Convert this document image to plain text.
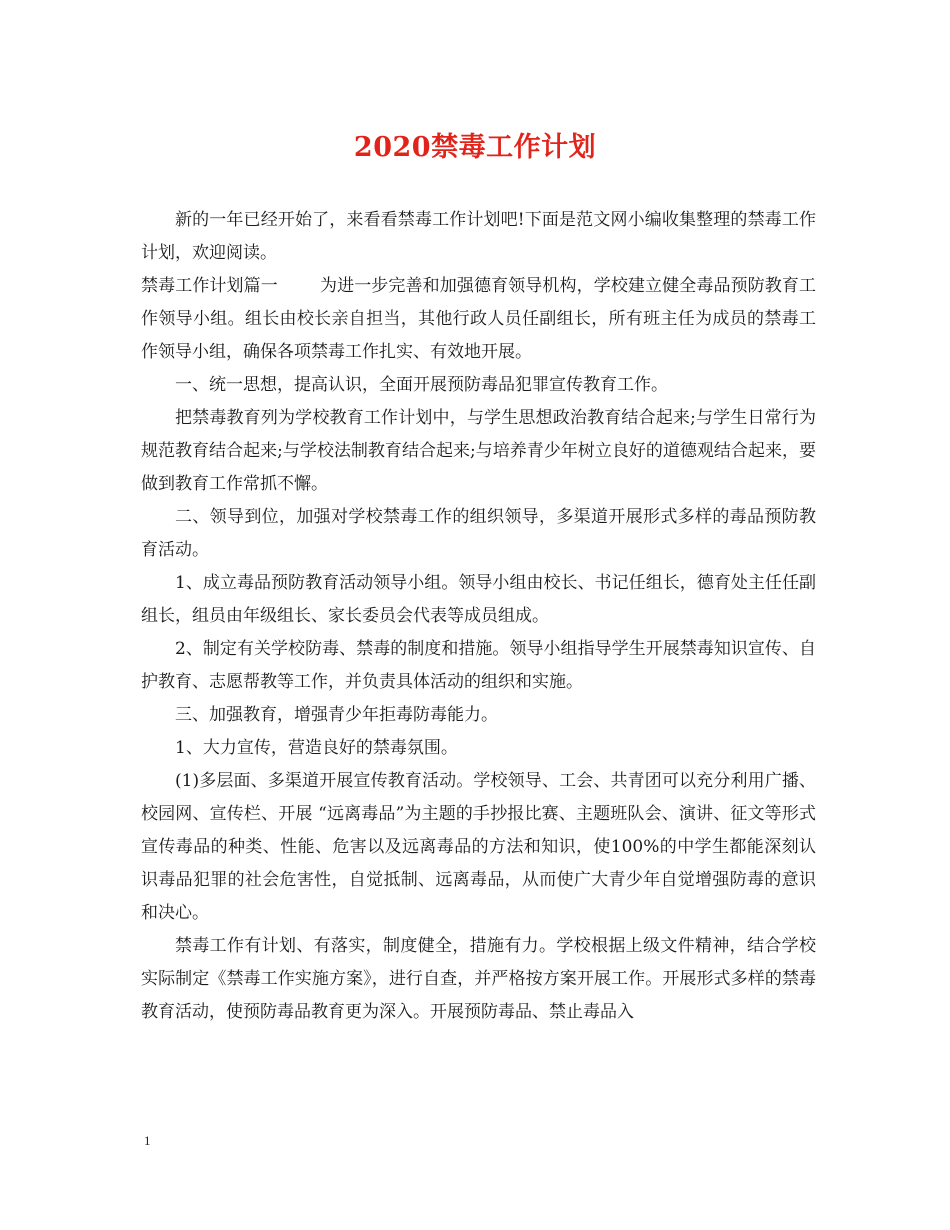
2020禁毒工作计划

新的一年已经开始了，来看看禁毒工作计划吧!下面是范文网小编收集整理的禁毒工作计划，欢迎阅读。

禁毒工作计划篇一 为进一步完善和加强德育领导机构，学校建立健全毒品预防教育工作领导小组。组长由校长亲自担当，其他行政人员任副组长，所有班主任为成员的禁毒工作领导小组，确保各项禁毒工作扎实、有效地开展。

一、统一思想，提高认识，全面开展预防毒品犯罪宣传教育工作。

把禁毒教育列为学校教育工作计划中，与学生思想政治教育结合起来;与学生日常行为规范教育结合起来;与学校法制教育结合起来;与培养青少年树立良好的道德观结合起来，要做到教育工作常抓不懈。

二、领导到位，加强对学校禁毒工作的组织领导，多渠道开展形式多样的毒品预防教育活动。

1、成立毒品预防教育活动领导小组。领导小组由校长、书记任组长，德育处主任任副组长，组员由年级组长、家长委员会代表等成员组成。

2、制定有关学校防毒、禁毒的制度和措施。领导小组指导学生开展禁毒知识宣传、自护教育、志愿帮教等工作，并负责具体活动的组织和实施。

三、加强教育，增强青少年拒毒防毒能力。

1、大力宣传，营造良好的禁毒氛围。

(1)多层面、多渠道开展宣传教育活动。学校领导、工会、共青团可以充分利用广播、校园网、宣传栏、开展 “远离毒品”为主题的手抄报比赛、主题班队会、演讲、征文等形式宣传毒品的种类、性能、危害以及远离毒品的方法和知识，使100%的中学生都能深刻认识毒品犯罪的社会危害性，自觉抵制、远离毒品，从而使广大青少年自觉增强防毒的意识和决心。

禁毒工作有计划、有落实，制度健全，措施有力。学校根据上级文件精神，结合学校实际制定《禁毒工作实施方案》，进行自查，并严格按方案开展工作。开展形式多样的禁毒教育活动，使预防毒品教育更为深入。开展预防毒品、禁止毒品入

1
